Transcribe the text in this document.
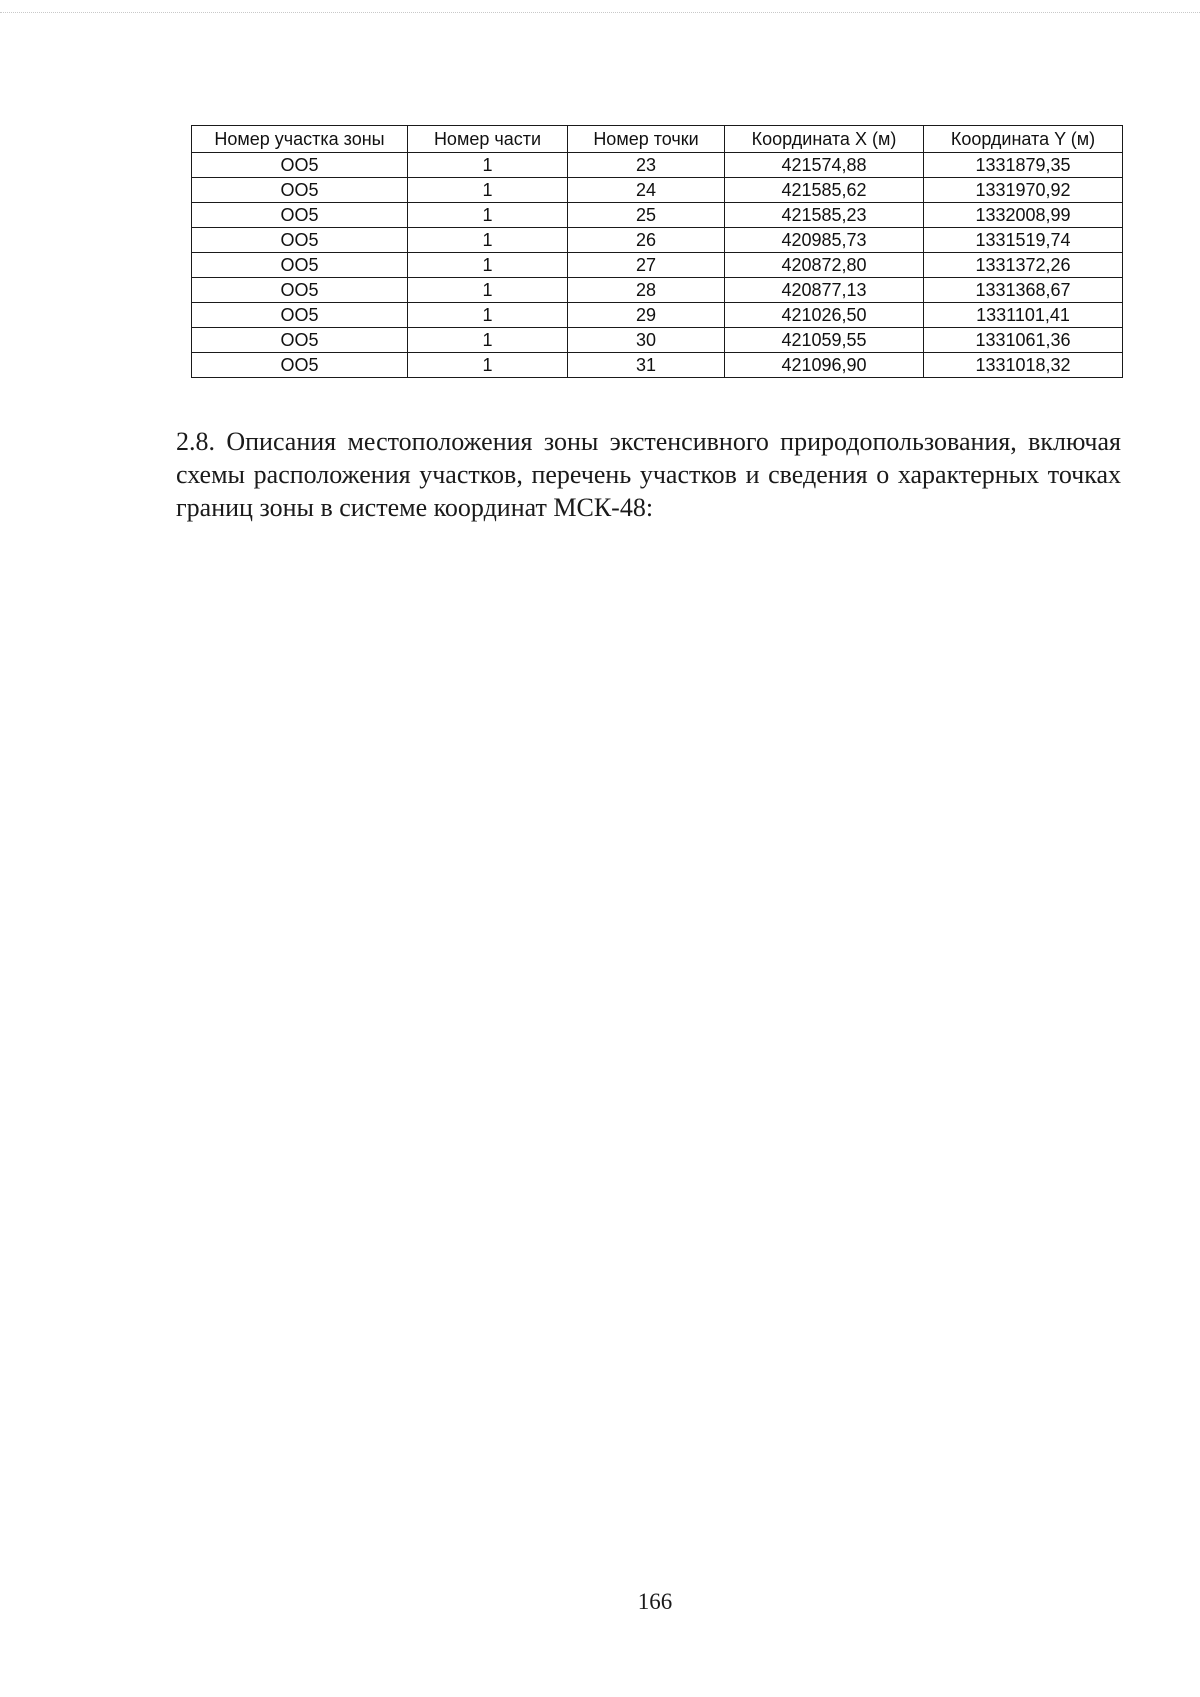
Номер участка зоны	Номер части	Номер точки	Координата X (м)	Координата Y (м)
ОО5	1	23	421574,88	1331879,35
ОО5	1	24	421585,62	1331970,92
ОО5	1	25	421585,23	1332008,99
ОО5	1	26	420985,73	1331519,74
ОО5	1	27	420872,80	1331372,26
ОО5	1	28	420877,13	1331368,67
ОО5	1	29	421026,50	1331101,41
ОО5	1	30	421059,55	1331061,36
ОО5	1	31	421096,90	1331018,32

2.8. Описания местоположения зоны экстенсивного природопользования, включая схемы расположения участков, перечень участков и сведения о характерных точках границ зоны в системе координат МСК-48:

166
